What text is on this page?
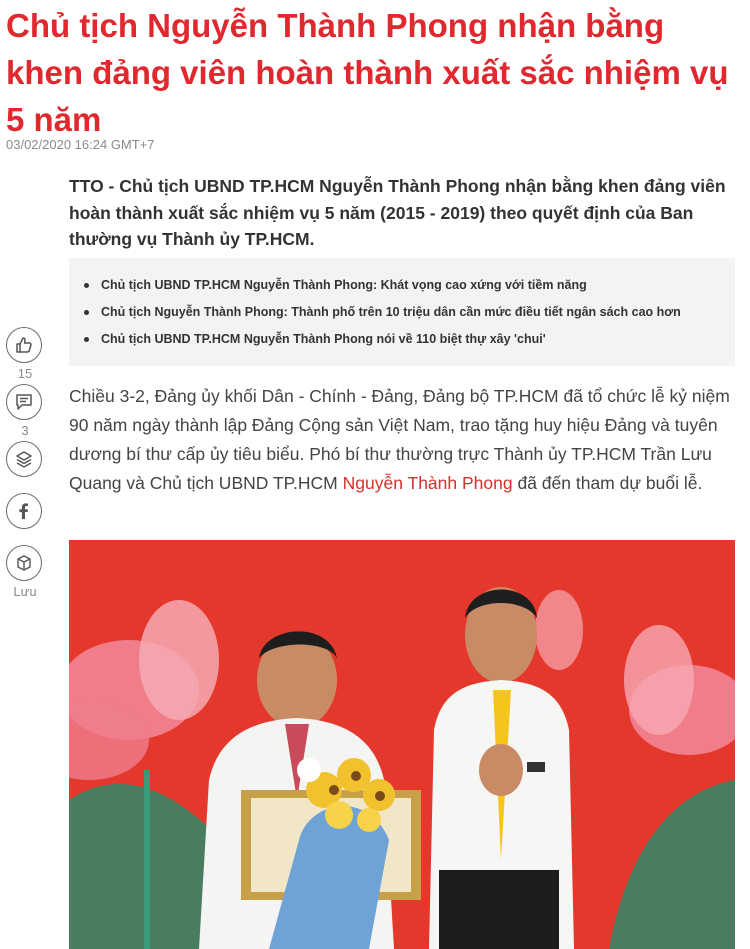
Chủ tịch Nguyễn Thành Phong nhận bằng khen đảng viên hoàn thành xuất sắc nhiệm vụ 5 năm
03/02/2020 16:24 GMT+7

TTO - Chủ tịch UBND TP.HCM Nguyễn Thành Phong nhận bằng khen đảng viên hoàn thành xuất sắc nhiệm vụ 5 năm (2015 - 2019) theo quyết định của Ban thường vụ Thành ủy TP.HCM.

Chủ tịch UBND TP.HCM Nguyễn Thành Phong: Khát vọng cao xứng với tiềm năng
Chủ tịch Nguyễn Thành Phong: Thành phố trên 10 triệu dân cần mức điều tiết ngân sách cao hơn
Chủ tịch UBND TP.HCM Nguyễn Thành Phong nói về 110 biệt thự xây 'chui'
15
3
Lưu

Chiều 3-2, Đảng ủy khối Dân - Chính - Đảng, Đảng bộ TP.HCM đã tổ chức lễ kỷ niệm 90 năm ngày thành lập Đảng Cộng sản Việt Nam, trao tặng huy hiệu Đảng và tuyên dương bí thư cấp ủy tiêu biểu. Phó bí thư thường trực Thành ủy TP.HCM Trần Lưu Quang và Chủ tịch UBND TP.HCM Nguyễn Thành Phong đã đến tham dự buổi lễ.
